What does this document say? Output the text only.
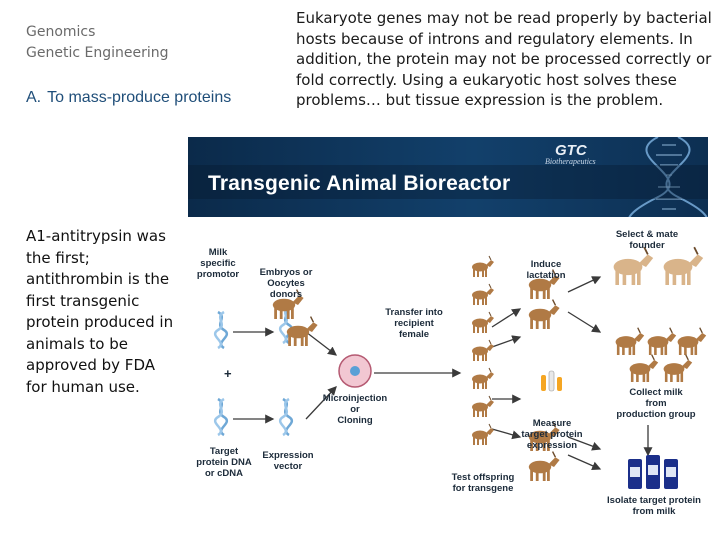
Genomics
Genetic Engineering
A. To mass-produce proteins
Eukaryote genes may not be read properly by bacterial hosts because of introns and regulatory elements. In addition, the protein may not be processed correctly or fold correctly. Using a eukaryotic host solves these problems… but tissue expression is the problem.
A1-antitrypsin was the first; antithrombin is the first transgenic protein produced in animals to be approved by FDA for human use.
GTC
Biotherapeutics
Transgenic Animal Bioreactor
+
Milk
specific
promotor	Embryos or
Oocytes
donors
Transfer into
recipient
female
Induce
lactation
Select & mate
founder
Target
protein DNA
or cDNA
Expression
vector
Microinjection
or
Cloning	Measure
target protein
expression
Collect milk
from
production group
Test offspring
for transgene
Isolate target protein
from milk
